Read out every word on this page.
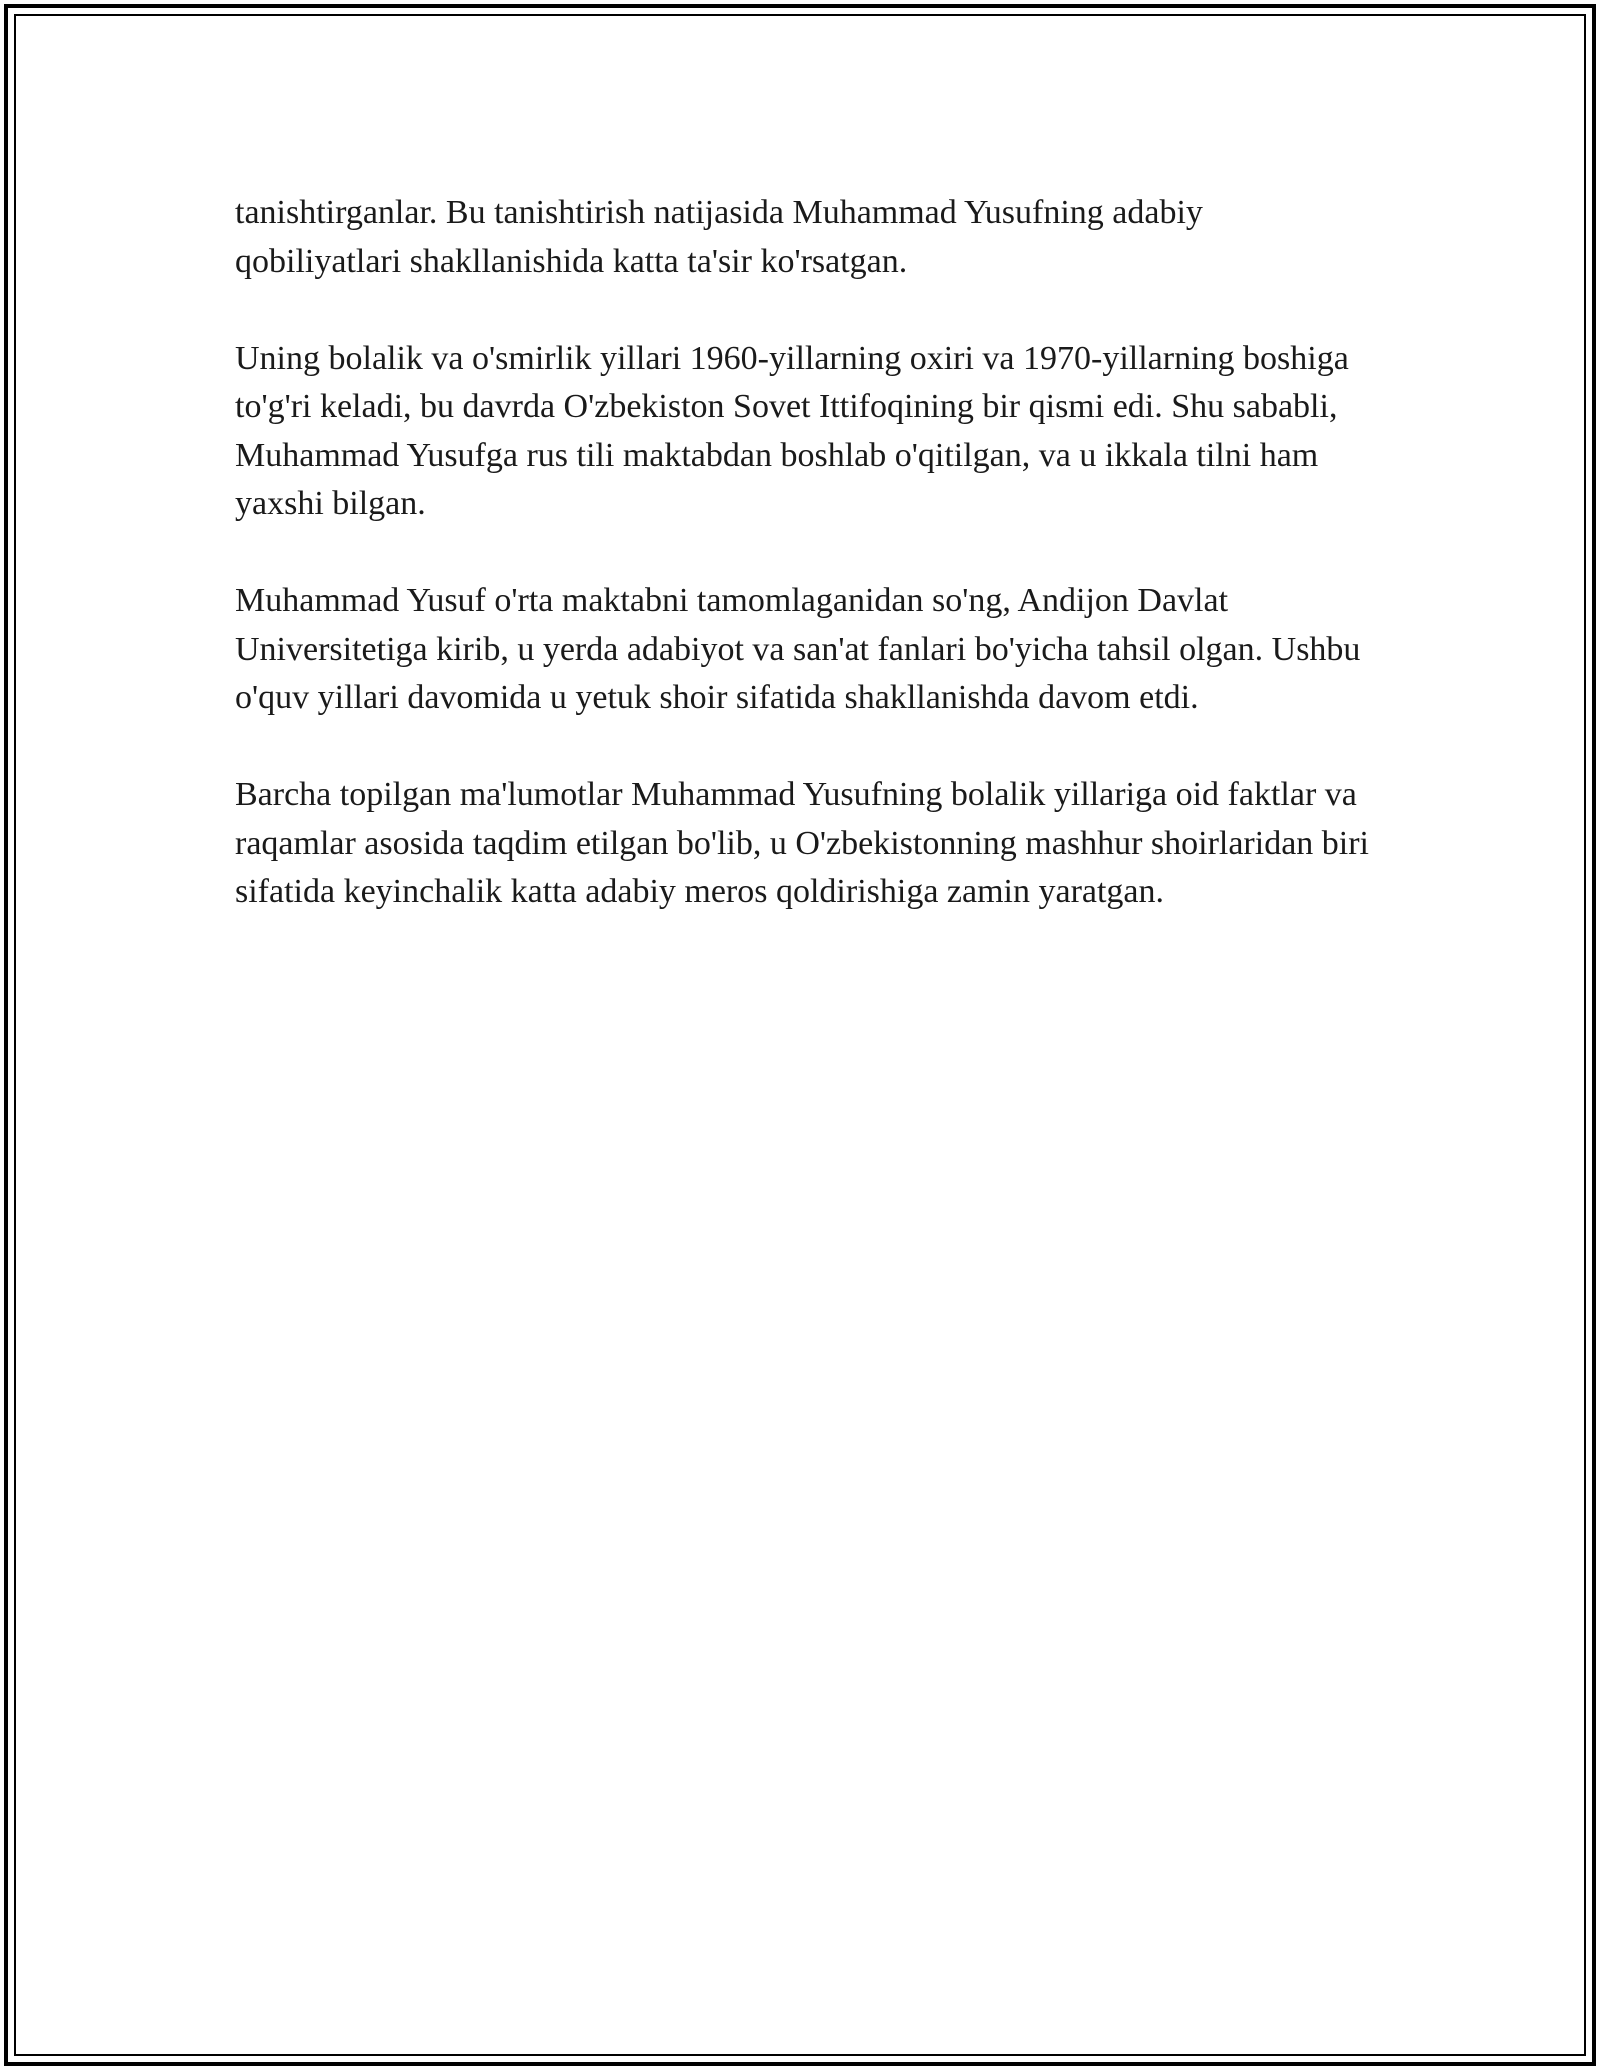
tanishtirganlar. Bu tanishtirish natijasida Muhammad Yusufning adabiy qobiliyatlari shakllanishida katta ta'sir ko'rsatgan.

Uning bolalik va o'smirlik yillari 1960-yillarning oxiri va 1970-yillarning boshiga to'g'ri keladi, bu davrda O'zbekiston Sovet Ittifoqining bir qismi edi. Shu sababli, Muhammad Yusufga rus tili maktabdan boshlab o'qitilgan, va u ikkala tilni ham yaxshi bilgan.

Muhammad Yusuf o'rta maktabni tamomlaganidan so'ng, Andijon Davlat Universitetiga kirib, u yerda adabiyot va san'at fanlari bo'yicha tahsil olgan. Ushbu o'quv yillari davomida u yetuk shoir sifatida shakllanishda davom etdi.

Barcha topilgan ma'lumotlar Muhammad Yusufning bolalik yillariga oid faktlar va raqamlar asosida taqdim etilgan bo'lib, u O'zbekistonning mashhur shoirlaridan biri sifatida keyinchalik katta adabiy meros qoldirishiga zamin yaratgan.
